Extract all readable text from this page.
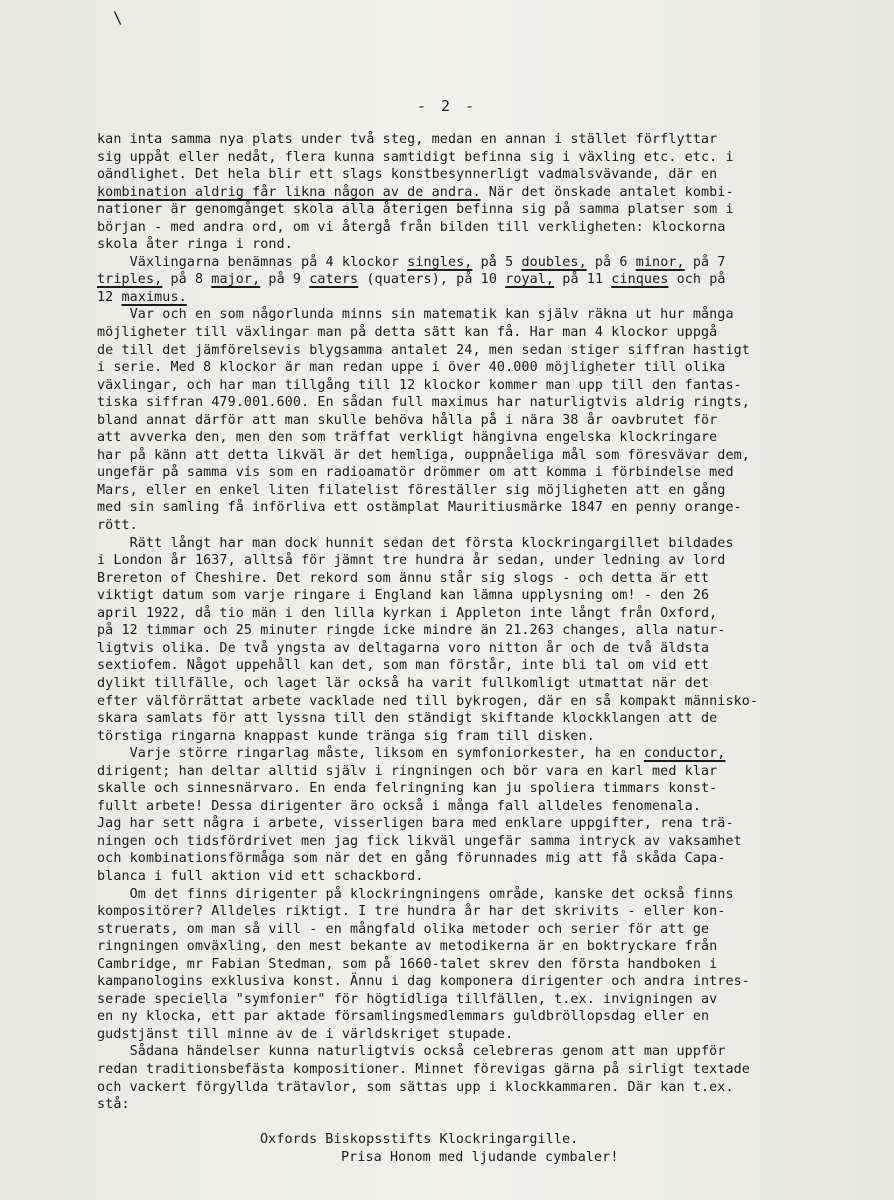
\
- 2 -
kan inta samma nya plats under två steg, medan en annan i stället förflyttar
sig uppåt eller nedåt, flera kunna samtidigt befinna sig i växling etc. etc. i
oändlighet. Det hela blir ett slags konstbesynnerligt vadmalsvävande, där en
kombination aldrig får likna någon av de andra. När det önskade antalet kombi-
nationer är genomgånget skola alla återigen befinna sig på samma platser som i
början - med andra ord, om vi återgå från bilden till verkligheten: klockorna
skola åter ringa i rond.
Växlingarna benämnas på 4 klockor singles, på 5 doubles, på 6 minor, på 7
triples, på 8 major, på 9 caters (quaters), på 10 royal, på 11 cinques och på
12 maximus.
Var och en som någorlunda minns sin matematik kan själv räkna ut hur många
möjligheter till växlingar man på detta sätt kan få. Har man 4 klockor uppgå
de till det jämförelsevis blygsamma antalet 24, men sedan stiger siffran hastigt
i serie. Med 8 klockor är man redan uppe i över 40.000 möjligheter till olika
växlingar, och har man tillgång till 12 klockor kommer man upp till den fantas-
tiska siffran 479.001.600. En sådan full maximus har naturligtvis aldrig ringts,
bland annat därför att man skulle behöva hålla på i nära 38 år oavbrutet för
att avverka den, men den som träffat verkligt hängivna engelska klockringare
har på känn att detta likväl är det hemliga, ouppnåeliga mål som föresvävar dem,
ungefär på samma vis som en radioamatör drömmer om att komma i förbindelse med
Mars, eller en enkel liten filatelist föreställer sig möjligheten att en gång
med sin samling få införliva ett ostämplat Mauritiusmärke 1847 en penny orange-
rött.
Rätt långt har man dock hunnit sedan det första klockringargillet bildades
i London år 1637, alltså för jämnt tre hundra år sedan, under ledning av lord
Brereton of Cheshire. Det rekord som ännu står sig slogs - och detta är ett
viktigt datum som varje ringare i England kan lämna upplysning om! - den 26
april 1922, då tio män i den lilla kyrkan i Appleton inte långt från Oxford,
på 12 timmar och 25 minuter ringde icke mindre än 21.263 changes, alla natur-
ligtvis olika. De två yngsta av deltagarna voro nitton år och de två äldsta
sextiofem. Något uppehåll kan det, som man förstår, inte bli tal om vid ett
dylikt tillfälle, och laget lär också ha varit fullkomligt utmattat när det
efter välförrättat arbete vacklade ned till bykrogen, där en så kompakt människo-
skara samlats för att lyssna till den ständigt skiftande klockklangen att de
törstiga ringarna knappast kunde tränga sig fram till disken.
Varje större ringarlag måste, liksom en symfoniorkester, ha en conductor,
dirigent; han deltar alltid själv i ringningen och bör vara en karl med klar
skalle och sinnesnärvaro. En enda felringning kan ju spoliera timmars konst-
fullt arbete! Dessa dirigenter äro också i många fall alldeles fenomenala.
Jag har sett några i arbete, visserligen bara med enklare uppgifter, rena trä-
ningen och tidsfördrivet men jag fick likväl ungefär samma intryck av vaksamhet
och kombinationsförmåga som när det en gång förunnades mig att få skåda Capa-
blanca i full aktion vid ett schackbord.
Om det finns dirigenter på klockringningens område, kanske det också finns
kompositörer? Alldeles riktigt. I tre hundra år har det skrivits - eller kon-
struerats, om man så vill - en mångfald olika metoder och serier för att ge
ringningen omväxling, den mest bekante av metodikerna är en boktryckare från
Cambridge, mr Fabian Stedman, som på 1660-talet skrev den första handboken i
kampanologins exklusiva konst. Ännu i dag komponera dirigenter och andra intres-
serade speciella "symfonier" för högtidliga tillfällen, t.ex. invigningen av
en ny klocka, ett par aktade församlingsmedlemmars guldbröllopsdag eller en
gudstjänst till minne av de i världskriget stupade.
Sådana händelser kunna naturligtvis också celebreras genom att man uppför
redan traditionsbefästa kompositioner. Minnet förevigas gärna på sirligt textade
och vackert förgyllda trätavlor, som sättas upp i klockkammaren. Där kan t.ex.
stå:
Oxfords Biskopsstifts Klockringargille.
Prisa Honom med ljudande cymbaler!
